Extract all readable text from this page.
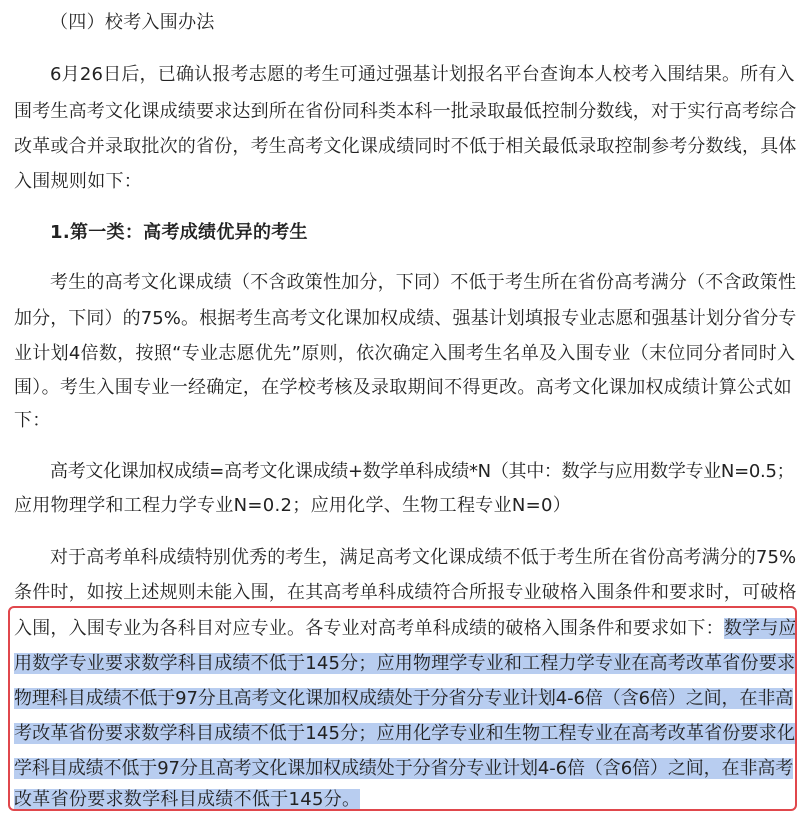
（四）校考入围办法
6月26日后，已确认报考志愿的考生可通过强基计划报名平台查询本人校考入围结果。所有入
围考生高考文化课成绩要求达到所在省份同科类本科一批录取最低控制分数线，对于实行高考综合
改革或合并录取批次的省份，考生高考文化课成绩同时不低于相关最低录取控制参考分数线，具体
入围规则如下：
1.第一类：高考成绩优异的考生
考生的高考文化课成绩（不含政策性加分，下同）不低于考生所在省份高考满分（不含政策性
加分，下同）的75%。根据考生高考文化课加权成绩、强基计划填报专业志愿和强基计划分省分专
业计划4倍数，按照“专业志愿优先”原则，依次确定入围考生名单及入围专业（末位同分者同时入
围）。考生入围专业一经确定，在学校考核及录取期间不得更改。高考文化课加权成绩计算公式如
下：
高考文化课加权成绩=高考文化课成绩+数学单科成绩*N（其中：数学与应用数学专业N=0.5；
应用物理学和工程力学专业N=0.2；应用化学、生物工程专业N=0）
对于高考单科成绩特别优秀的考生，满足高考文化课成绩不低于考生所在省份高考满分的75%
条件时，如按上述规则未能入围，在其高考单科成绩符合所报专业破格入围条件和要求时，可破格
入围，入围专业为各科目对应专业。各专业对高考单科成绩的破格入围条件和要求如下：数学与应
用数学专业要求数学科目成绩不低于145分；应用物理学专业和工程力学专业在高考改革省份要求
物理科目成绩不低于97分且高考文化课加权成绩处于分省分专业计划4-6倍（含6倍）之间，在非高
考改革省份要求数学科目成绩不低于145分；应用化学专业和生物工程专业在高考改革省份要求化
学科目成绩不低于97分且高考文化课加权成绩处于分省分专业计划4-6倍（含6倍）之间，在非高考
改革省份要求数学科目成绩不低于145分。
